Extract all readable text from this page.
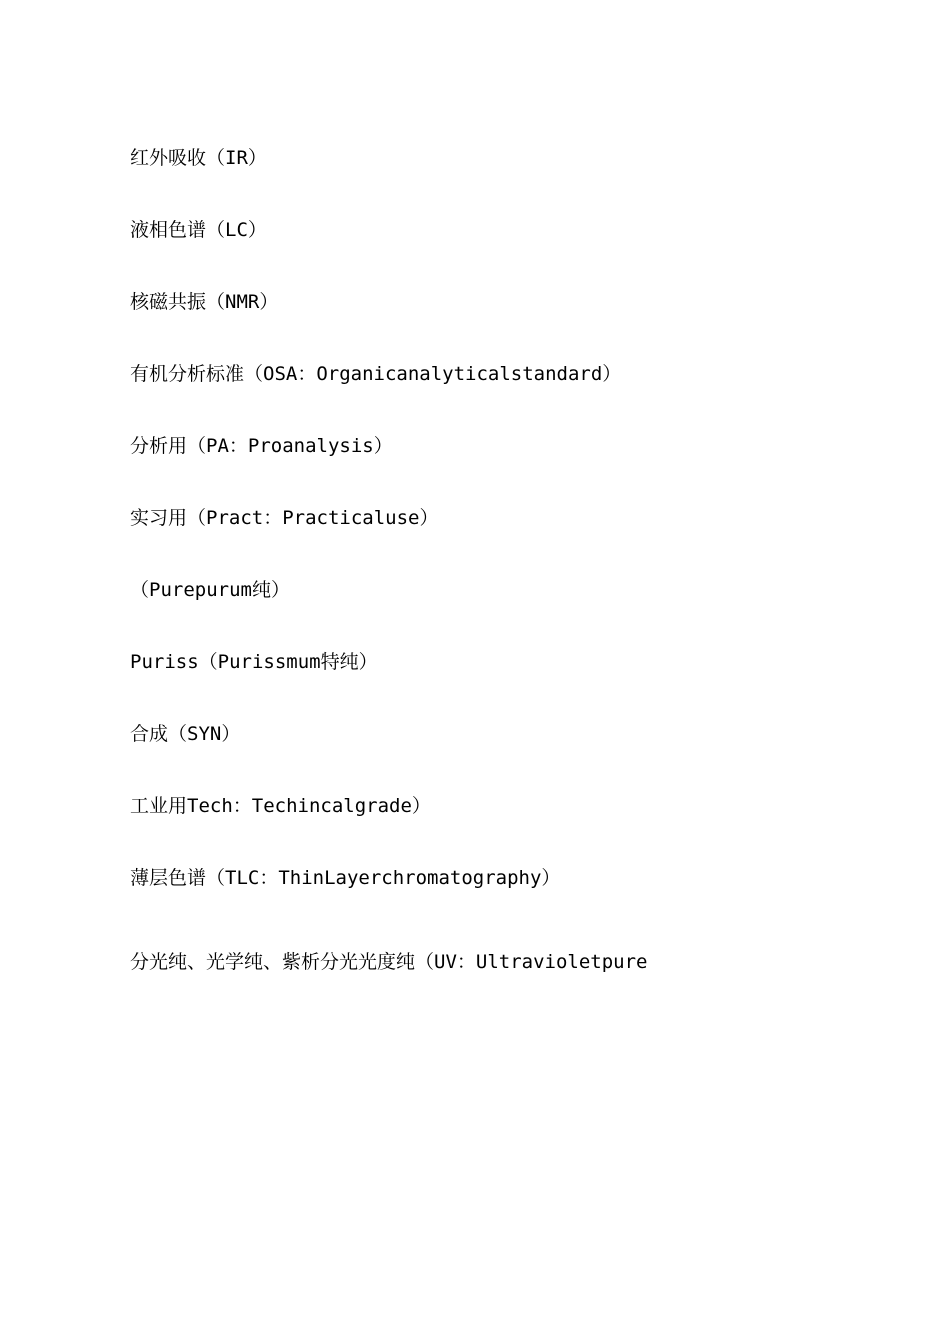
红外吸收（IR）
液相色谱（LC）
核磁共振（NMR）
有机分析标准（OSA：Organicanalyticalstandard）
分析用（PA：Proanalysis）
实习用（Pract：Practicaluse）
（Purepurum纯）
Puriss（Purissmum特纯）
合成（SYN）
工业用Tech：Techincalgrade）
薄层色谱（TLC：ThinLayerchromatography）
分光纯、光学纯、紫析分光光度纯（UV：Ultravioletpure
